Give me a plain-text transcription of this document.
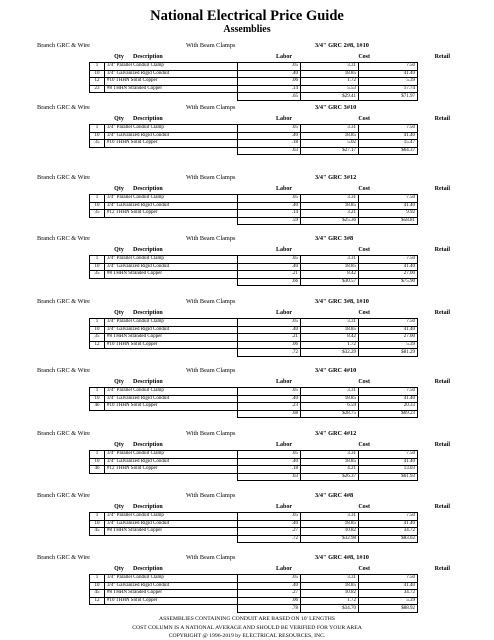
National Electrical Price Guide
Assemblies
Branch GRC & Wire	With Beam Clamps	3/4" GRC 2#8, 1#10
Qty Description	Labor	Cost	Retail
1	3/4" Parallel Conduit Clamp	.05	3.31	7.50
10	3/4" Galvanized Rigid Conduit	.40	18.85	41.40
12	#10 THHN Solid Copper	.06	1.72	5.39
23	#8 THHN Stranded Copper	.14	5.53	17.74
		.65	$29.41	$71.97
Branch GRC & Wire	With Beam Clamps	3/4" GRC 3#10
Qty Description	Labor	Cost	Retail
1	3/4" Parallel Conduit Clamp	.05	3.31	7.50
10	3/4" Galvanized Rigid Conduit	.40	18.85	41.40
35	#10 THHN Solid Copper	.18	5.02	15.47
		.63	$27.17	$64.37
Branch GRC & Wire	With Beam Clamps	3/4" GRC 3#12
Qty Description	Labor	Cost	Retail
1	3/4" Parallel Conduit Clamp	.05	3.31	7.50
10	3/4" Galvanized Rigid Conduit	.40	18.85	41.40
35	#12 THHN Solid Copper	.14	3.21	9.92
		.59	$25.36	$58.81
Branch GRC & Wire	With Beam Clamps	3/4" GRC 3#8
Qty Description	Labor	Cost	Retail
1	3/4" Parallel Conduit Clamp	.05	3.31	7.50
10	3/4" Galvanized Rigid Conduit	.40	18.85	41.40
35	#8 THHN Stranded Copper	.21	8.42	27.00
		.66	$30.57	$75.90
Branch GRC & Wire	With Beam Clamps	3/4" GRC 3#8, 1#10
Qty Description	Labor	Cost	Retail
1	3/4" Parallel Conduit Clamp	.05	3.31	7.50
10	3/4" Galvanized Rigid Conduit	.40	18.85	41.40
35	#8 THHN Stranded Copper	.21	8.42	27.00
12	#10 THHN Solid Copper	.06	1.72	5.39
		.72	$32.29	$81.29
Branch GRC & Wire	With Beam Clamps	3/4" GRC 4#10
Qty Description	Labor	Cost	Retail
1	3/4" Parallel Conduit Clamp	.05	3.31	7.50
10	3/4" Galvanized Rigid Conduit	.40	18.85	41.40
46	#10 THHN Solid Copper	.23	6.59	20.33
		.68	$28.75	$69.23
Branch GRC & Wire	With Beam Clamps	3/4" GRC 4#12
Qty Description	Labor	Cost	Retail
1	3/4" Parallel Conduit Clamp	.05	3.31	7.50
10	3/4" Galvanized Rigid Conduit	.40	18.85	41.40
46	#12 THHN Solid Copper	.18	4.21	13.03
		.63	$26.37	$61.93
Branch GRC & Wire	With Beam Clamps	3/4" GRC 4#8
Qty Description	Labor	Cost	Retail
1	3/4" Parallel Conduit Clamp	.05	3.31	7.50
10	3/4" Galvanized Rigid Conduit	.40	18.85	41.40
45	#8 THHN Stranded Copper	.27	10.82	34.72
		.72	$32.98	$83.62
Branch GRC & Wire	With Beam Clamps	3/4" GRC 4#8, 1#10
Qty Description	Labor	Cost	Retail
1	3/4" Parallel Conduit Clamp	.05	3.31	7.50
10	3/4" Galvanized Rigid Conduit	.40	18.85	41.40
45	#8 THHN Stranded Copper	.27	10.82	34.72
12	#10 THHN Solid Copper	.06	1.72	5.39
		.78	$34.70	$88.92
ASSEMBLIES CONTAINING CONDUIT ARE BASED ON 10' LENGTHS
COST COLUMN IS A NATIONAL AVERAGE AND SHOULD BE VERIFIED FOR YOUR AREA
COPYRIGHT @ 1996-2019 by ELECTRICAL RESOURCES, INC.
